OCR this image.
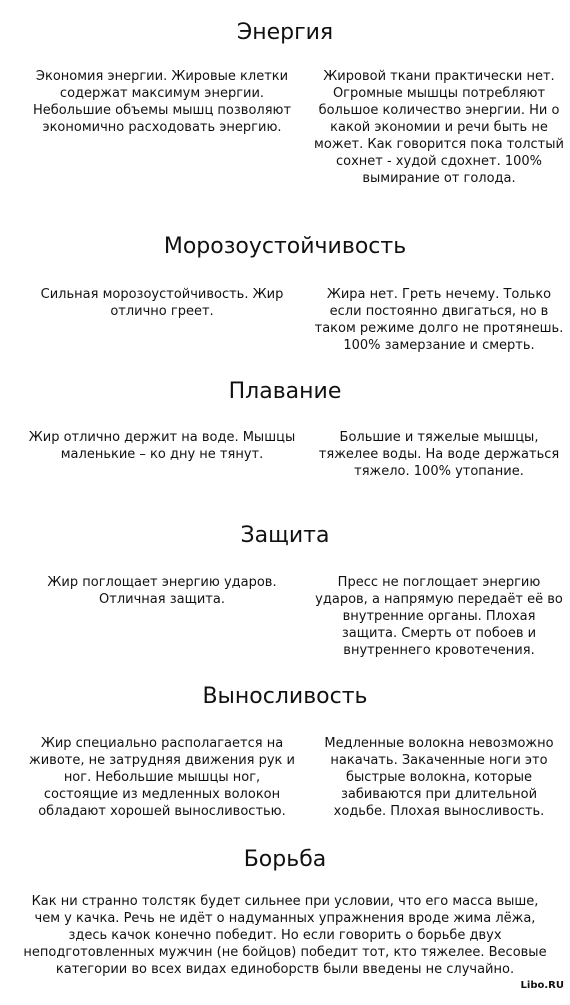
Энергия

Экономия энергии. Жировые клетки содержат максимум энергии. Небольшие объемы мышц позволяют экономично расходовать энергию.

Жировой ткани практически нет. Огромные мышцы потребляют большое количество энергии. Ни о какой экономии и речи быть не может. Как говорится пока толстый сохнет - худой сдохнет. 100% вымирание от голода.

Морозоустойчивость

Сильная морозоустойчивость. Жир отлично греет.

Жира нет. Греть нечему. Только если постоянно двигаться, но в таком режиме долго не протянешь. 100% замерзание и смерть.

Плавание

Жир отлично держит на воде. Мышцы маленькие – ко дну не тянут.

Большие и тяжелые мышцы, тяжелее воды. На воде держаться тяжело. 100% утопание.

Защита

Жир поглощает энергию ударов. Отличная защита.

Пресс не поглощает энергию ударов, а напрямую передаёт её во внутренние органы. Плохая защита. Смерть от побоев и внутреннего кровотечения.

Выносливость

Жир специально располагается на животе, не затрудняя движения рук и ног. Небольшие мышцы ног, состоящие из медленных волокон обладают хорошей выносливостью.

Медленные волокна невозможно накачать. Закаченные ноги это быстрые волокна, которые забиваются при длительной ходьбе. Плохая выносливость.

Борьба

Как ни странно толстяк будет сильнее при условии, что его масса выше, чем у качка. Речь не идёт о надуманных упражнения вроде жима лёжа, здесь качок конечно победит. Но если говорить о борьбе двух неподготовленных мужчин (не бойцов) победит тот, кто тяжелее. Весовые категории во всех видах единоборств были введены не случайно.

Libo.RU
